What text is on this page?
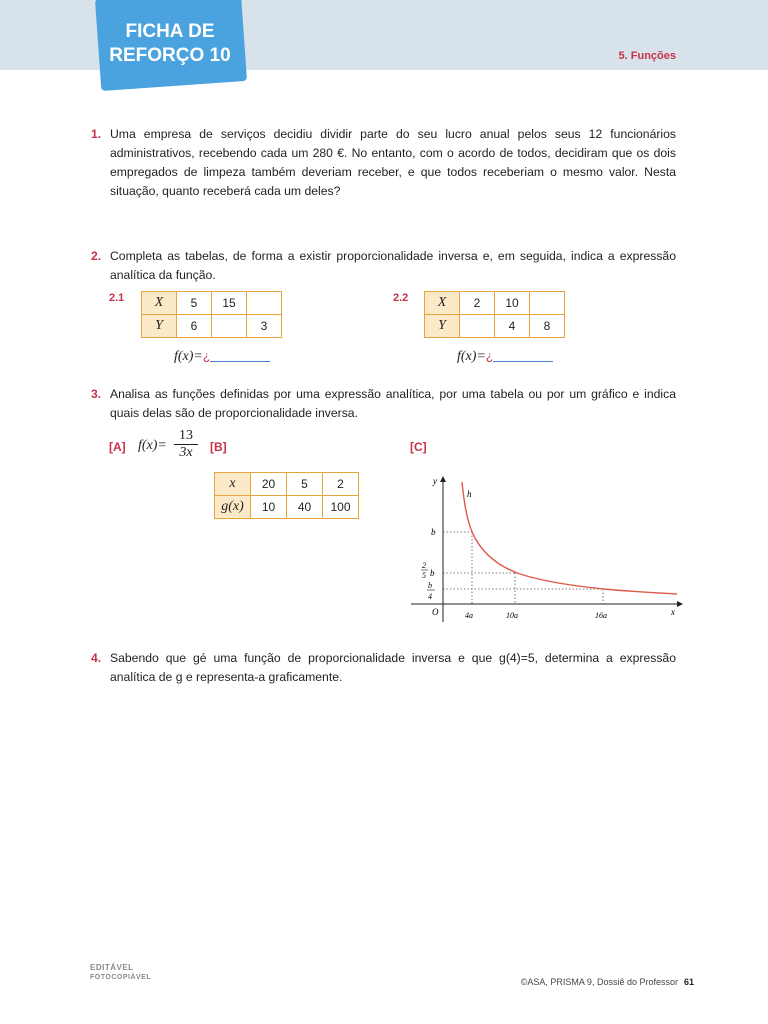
FICHA DE
REFORÇO 10	5. Funções
1. Uma empresa de serviços decidiu dividir parte do seu lucro anual pelos seus 12 funcionários administrativos, recebendo cada um 280 €. No entanto, com o acordo de todos, decidiram que os dois empregados de limpeza também deveriam receber, e que todos receberiam o mesmo valor. Nesta situação, quanto receberá cada um deles?
2. Completa as tabelas, de forma a existir proporcionalidade inversa e, em seguida, indica a expressão analítica da função.
2.1 X	5	15	
Y	6		3
f(x)=¿
2.2 X	2	10	
Y		4	8
f(x)=¿
3. Analisa as funções definidas por uma expressão analítica, por uma tabela ou por um gráfico e indica quais delas são de proporcionalidade inversa.
[A] $f(x)= \frac{13}{3x} [B]$
x	20	5	2
g(x)	10	40	100
[C]
y
x
O
h
b
2
5 b
b
4
4a	10a	16a
4. Sabendo que gé uma função de proporcionalidade inversa e que g(4)=5, determina a expressão analítica de g e representa-a graficamente.
EDITÁVEL
FOTOCOPIÁVEL	©ASA, PRISMA 9, Dossiê do Professor 61
